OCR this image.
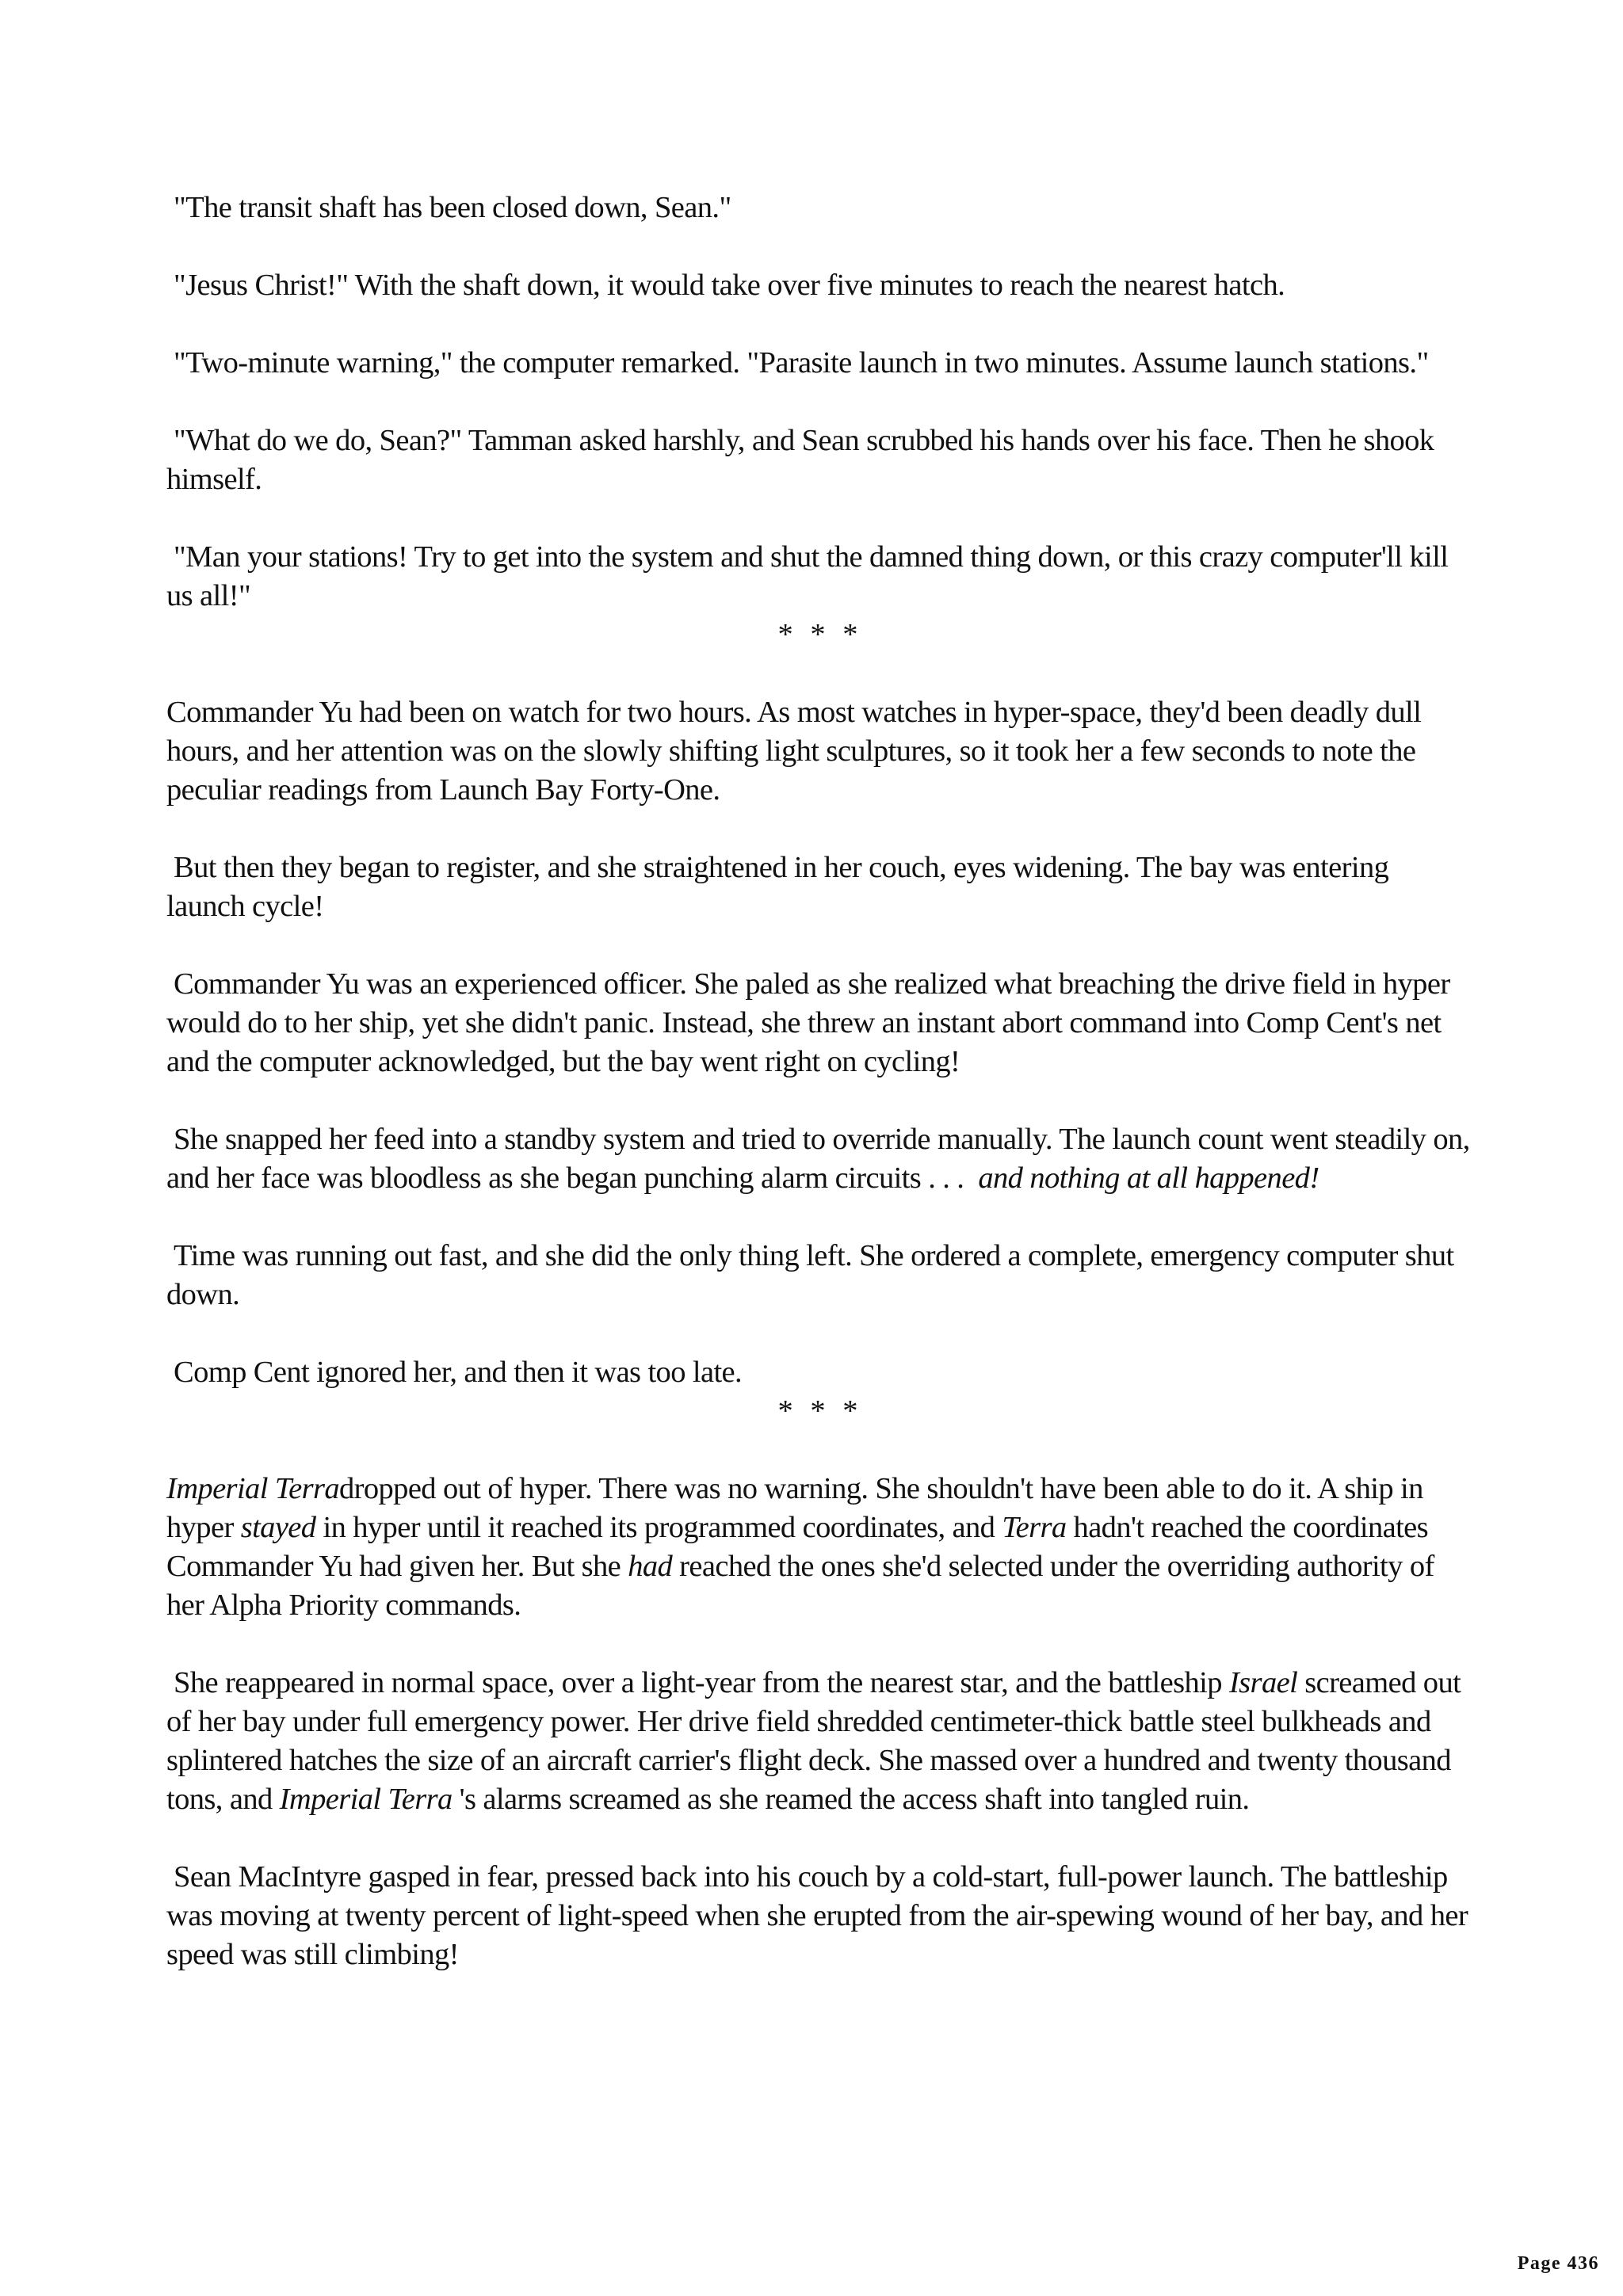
"The transit shaft has been closed down, Sean."

"Jesus Christ!" With the shaft down, it would take over five minutes to reach the nearest hatch.

"Two-minute warning," the computer remarked. "Parasite launch in two minutes. Assume launch stations."

"What do we do, Sean?" Tamman asked harshly, and Sean scrubbed his hands over his face. Then he shook himself.

"Man your stations! Try to get into the system and shut the damned thing down, or this crazy computer'll kill us all!"

* * *

Commander Yu had been on watch for two hours. As most watches in hyper-space, they'd been deadly dull hours, and her attention was on the slowly shifting light sculptures, so it took her a few seconds to note the peculiar readings from Launch Bay Forty-One.

But then they began to register, and she straightened in her couch, eyes widening. The bay was entering launch cycle!

Commander Yu was an experienced officer. She paled as she realized what breaching the drive field in hyper would do to her ship, yet she didn't panic. Instead, she threw an instant abort command into Comp Cent's net and the computer acknowledged, but the bay went right on cycling!

She snapped her feed into a standby system and tried to override manually. The launch count went steadily on, and her face was bloodless as she began punching alarm circuits . . .  and nothing at all happened!

Time was running out fast, and she did the only thing left. She ordered a complete, emergency computer shut down.

Comp Cent ignored her, and then it was too late.

* * *

Imperial Terradropped out of hyper. There was no warning. She shouldn't have been able to do it. A ship in hyper stayed in hyper until it reached its programmed coordinates, and Terra hadn't reached the coordinates Commander Yu had given her. But she had reached the ones she'd selected under the overriding authority of her Alpha Priority commands.

She reappeared in normal space, over a light-year from the nearest star, and the battleship Israel screamed out of her bay under full emergency power. Her drive field shredded centimeter-thick battle steel bulkheads and splintered hatches the size of an aircraft carrier's flight deck. She massed over a hundred and twenty thousand tons, and Imperial Terra 's alarms screamed as she reamed the access shaft into tangled ruin.

Sean MacIntyre gasped in fear, pressed back into his couch by a cold-start, full-power launch. The battleship was moving at twenty percent of light-speed when she erupted from the air-spewing wound of her bay, and her speed was still climbing!

Page 436
